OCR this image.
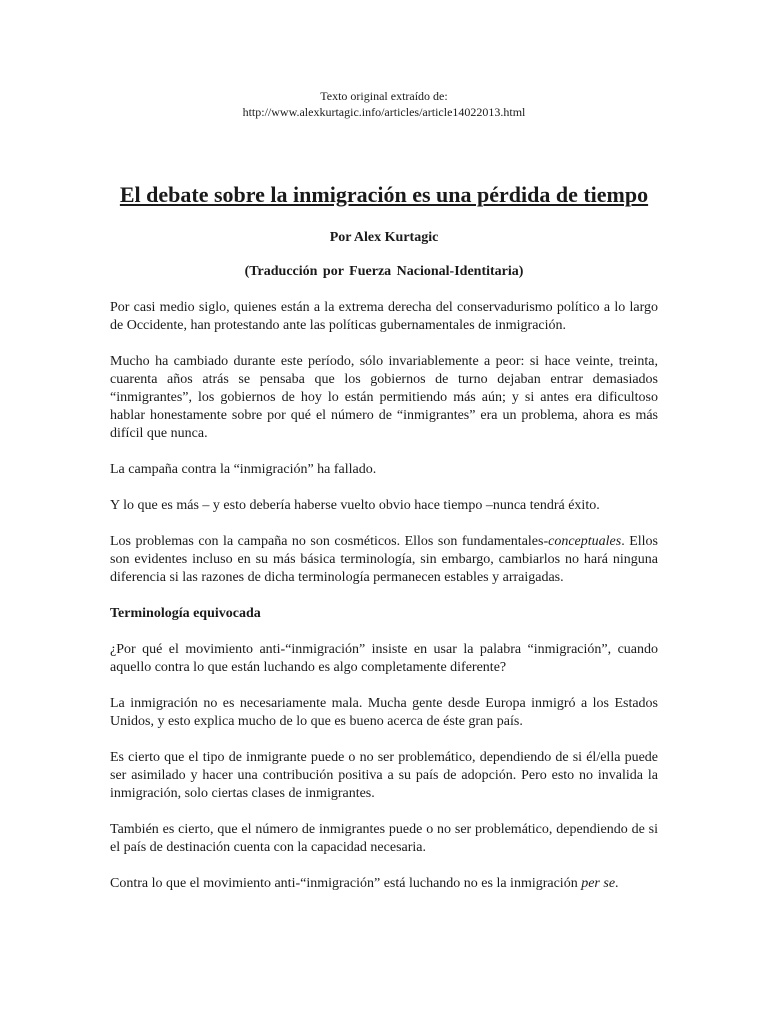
Texto original extraído de:
http://www.alexkurtagic.info/articles/article14022013.html
El debate sobre la inmigración es una pérdida de tiempo

Por Alex Kurtagic

(Traducción por Fuerza Nacional-Identitaria)

Por casi medio siglo, quienes están a la extrema derecha del conservadurismo político a lo largo de Occidente, han protestando ante las políticas gubernamentales de inmigración.

Mucho ha cambiado durante este período, sólo invariablemente a peor: si hace veinte, treinta, cuarenta años atrás se pensaba que los gobiernos de turno dejaban entrar demasiados “inmigrantes”, los gobiernos de hoy lo están permitiendo más aún; y si antes era dificultoso hablar honestamente sobre por qué el número de “inmigrantes” era un problema, ahora es más difícil que nunca.

La campaña contra la “inmigración” ha fallado.

Y lo que es más – y esto debería haberse vuelto obvio hace tiempo –nunca tendrá éxito.

Los problemas con la campaña no son cosméticos. Ellos son fundamentales-conceptuales. Ellos son evidentes incluso en su más básica terminología, sin embargo, cambiarlos no hará ninguna diferencia si las razones de dicha terminología permanecen estables y arraigadas.

Terminología equivocada

¿Por qué el movimiento anti-“inmigración” insiste en usar la palabra “inmigración”, cuando aquello contra lo que están luchando es algo completamente diferente?

La inmigración no es necesariamente mala. Mucha gente desde Europa inmigró a los Estados Unidos, y esto explica mucho de lo que es bueno acerca de éste gran país.

Es cierto que el tipo de inmigrante puede o no ser problemático, dependiendo de si él/ella puede ser asimilado y hacer una contribución positiva a su país de adopción. Pero esto no invalida la inmigración, solo ciertas clases de inmigrantes.

También es cierto, que el número de inmigrantes puede o no ser problemático, dependiendo de si el país de destinación cuenta con la capacidad necesaria.

Contra lo que el movimiento anti-“inmigración” está luchando no es la inmigración per se.
